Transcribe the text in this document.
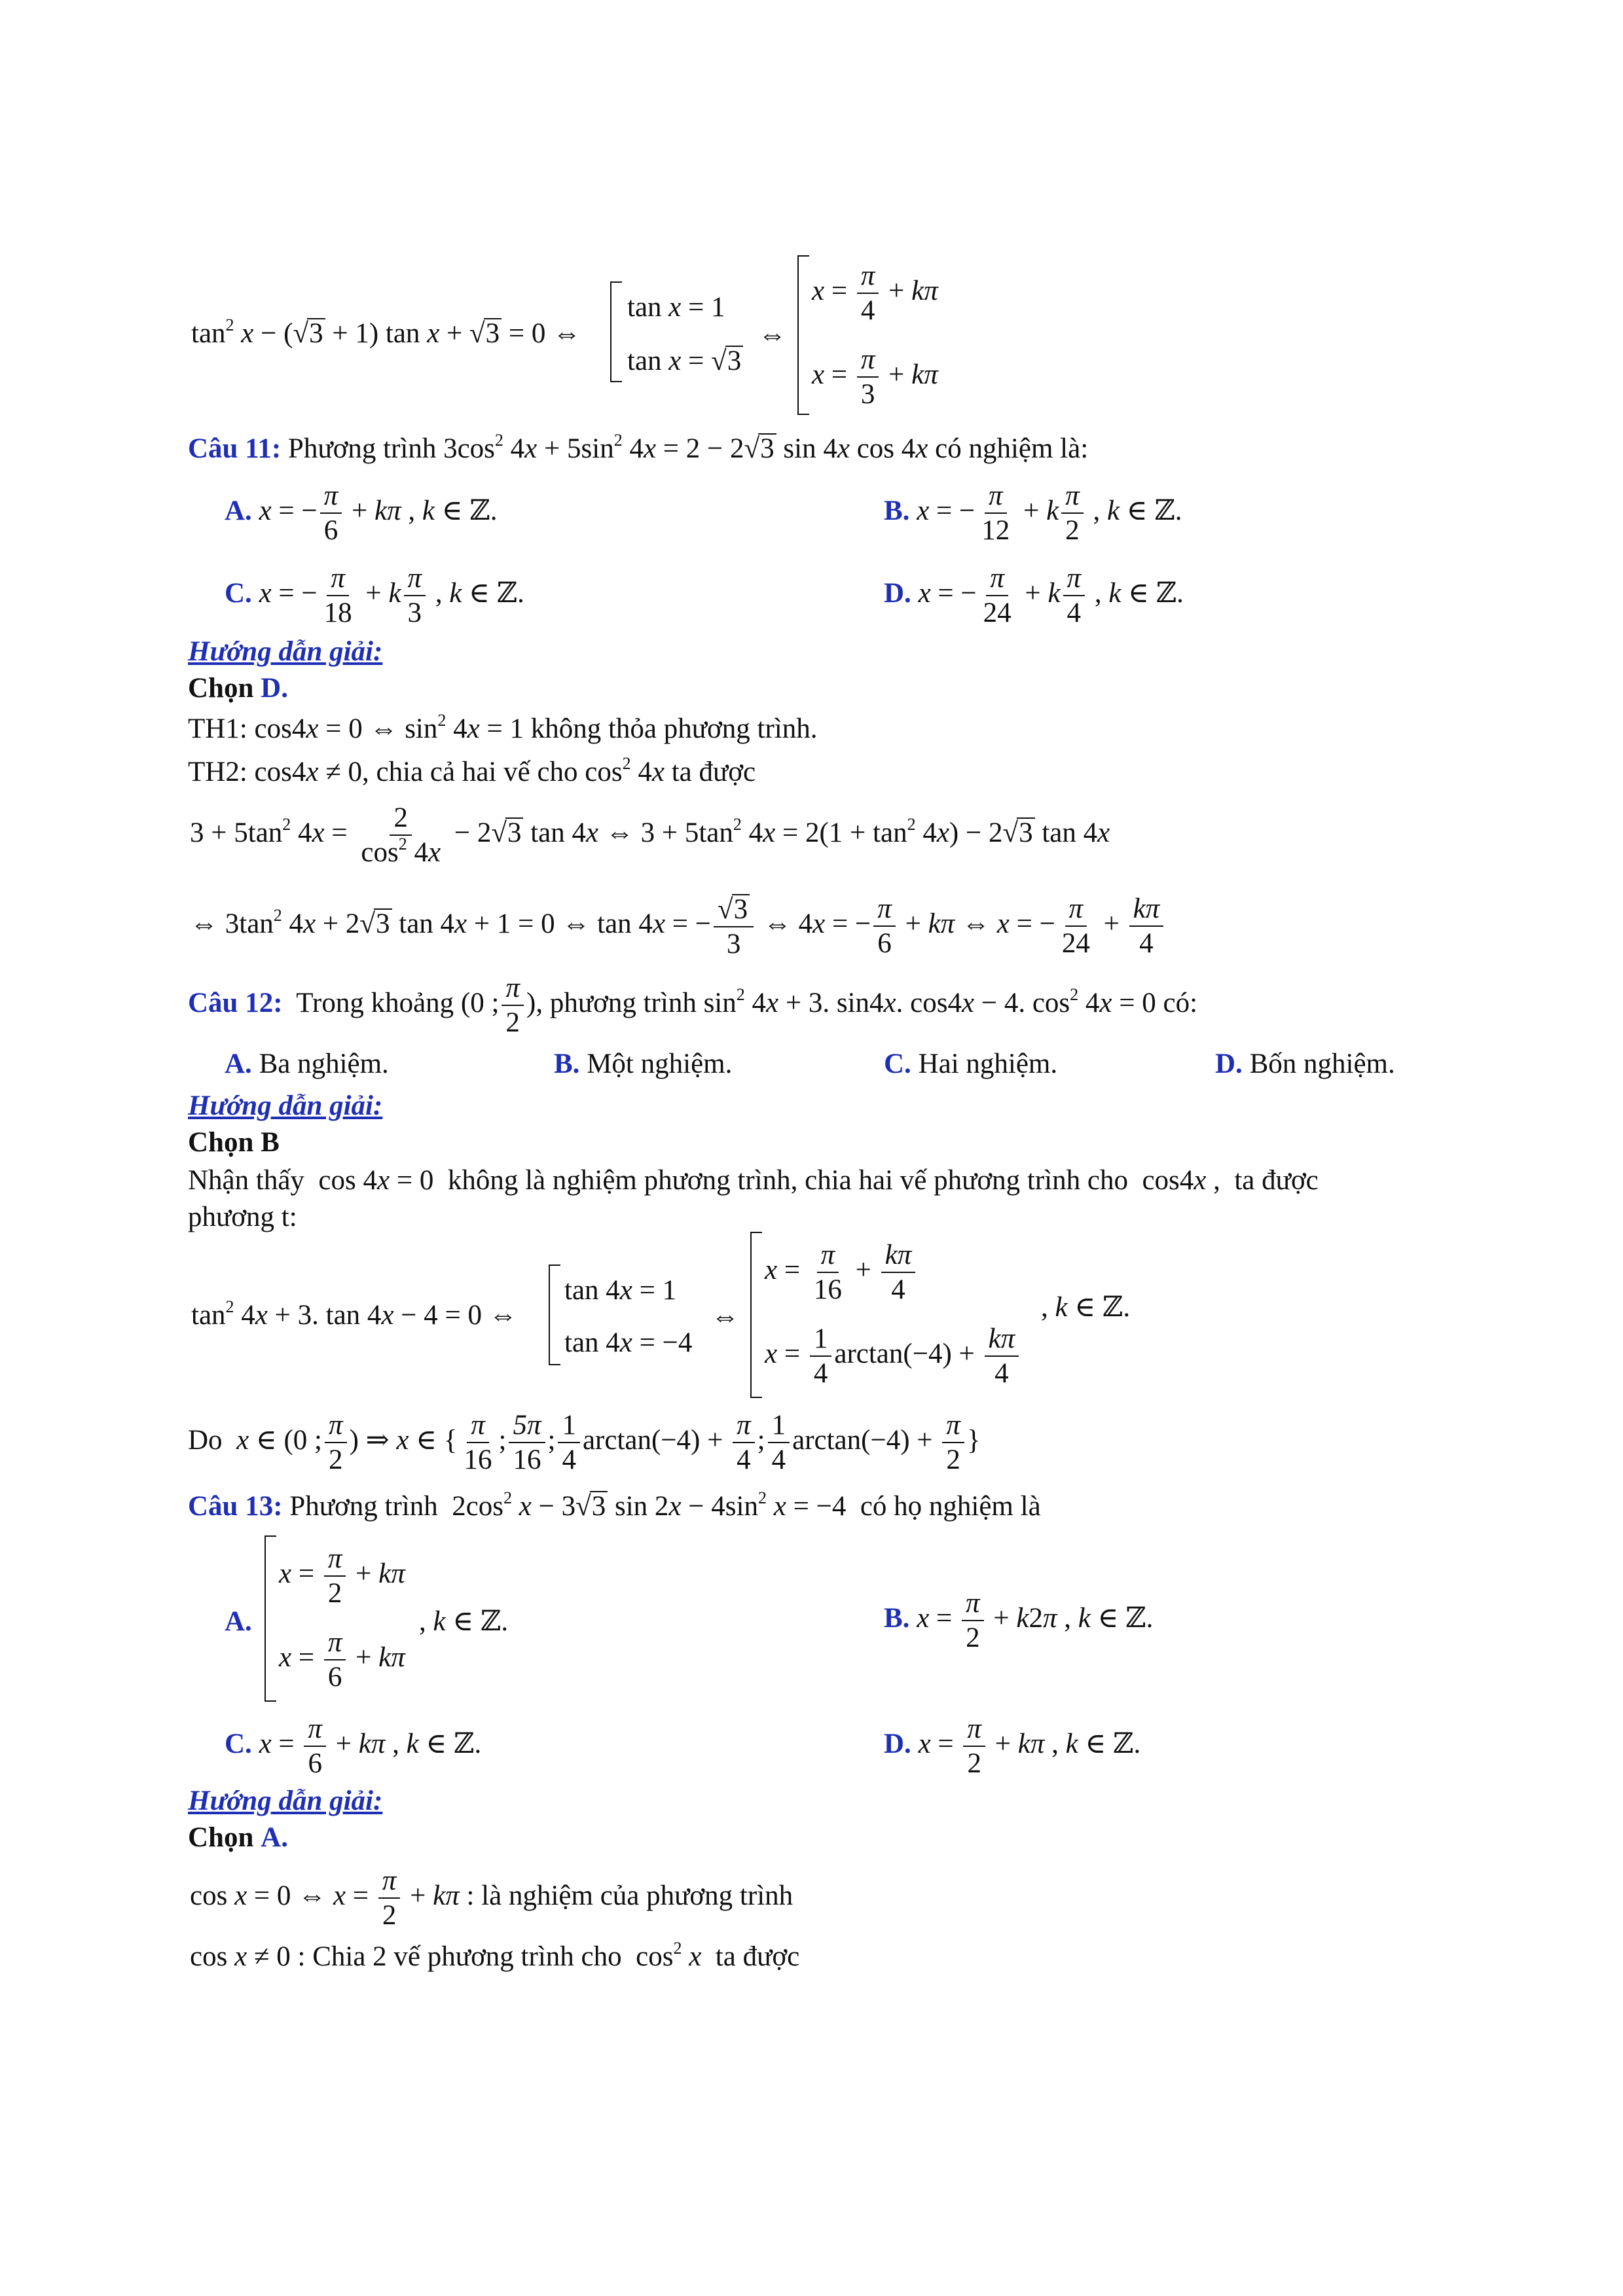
$\tan^2 x - (√3 + 1)$ tan x + √3 = 0 ⇔
tan x = 1
tan x = √3
⇔
$x = \frac{\pi}{4} + k\pi$
$x = \frac{\pi}{3} + k\pi$
Câu 11: Phương trình $3\cos^2$ $4x + 5\sin^2$ 4x = 2 − 2√3 sin 4x cos 4x có nghiệm là:
A. x = − $\frac{\pi}{6} + k\pi$ , k ∈ ℤ.	B. x = − $\frac{\pi}{12} + k \frac{\pi}{2}$ , k ∈ ℤ.
C. x = − $\frac{\pi}{18} + k \frac{\pi}{3}$ , k ∈ ℤ.	D. x = − $\frac{\pi}{24} + k \frac{\pi}{4}$ , k ∈ ℤ.
Hướng dẫn giải:
Chọn D.
TH1: cos4x = 0 ⇔ $\sin^2 4x = 1$ không thỏa phương trình.
TH2: cos4x ≠ 0, chia cả hai vế cho $\cos^2 4x$ ta được
$3 + 5\tan^2$ $4x = \frac{2}{\cos^2 4x} - 2√3$ tan 4x ⇔ $3 + 5\tan^2$ $4x = 2(1 + \tan^2 4x) - 2√3$ tan 4x
⇔ $3\tan^2$ 4x + 2√3 tan 4x + 1 = 0 ⇔ tan 4x = − $\frac{√3}{3}$ ⇔ 4x = − $\frac{\pi}{6} + k\pi$ ⇔ x = − $\frac{\pi}{24} + \frac{k\pi}{4}$
Câu 12:  Trong khoảng (0 ; $\frac{\pi}{2}$ ), phương trình $\sin^2 4x + 3$. sin4x. cos4x − 4. $\cos^2 4x = 0$ có:
A. Ba nghiệm.	B. Một nghiệm.	C. Hai nghiệm.	D. Bốn nghiệm.
Hướng dẫn giải:
Chọn B
Nhận thấy  cos 4x = 0  không là nghiệm phương trình, chia hai vế phương trình cho  cos4x ,  ta được
phương t:
$\tan^2 4x + 3$. tan 4x − 4 = 0 ⇔
tan 4x = 1
tan 4x = −4
⇔
$x = \frac{\pi}{16} + \frac{k\pi}{4}$
$x = \frac{1}{4} \arctan(-4) + \frac{k\pi}{4}$
, k ∈ ℤ.
Do  x ∈ (0 ; $\frac{\pi}{2}$ ) ⇒ x ∈ { $\frac{\pi}{16}$ ; $\frac{5\pi}{16}$ ; $\frac{1}{4} \arctan(-4) + \frac{\pi}{4}$ ; $\frac{1}{4} \arctan(-4) + \frac{\pi}{2}$ }
Câu 13: Phương trình  $2\cos^2$ x − 3√3 $\sin 2x - 4\sin^2$ x = −4  có họ nghiệm là
A.
$x = \frac{\pi}{2} + k\pi$
$x = \frac{\pi}{6} + k\pi$
, k ∈ ℤ.	B. $x = \frac{\pi}{2} + k2\pi$ , k ∈ ℤ.
C. $x = \frac{\pi}{6} + k\pi$ , k ∈ ℤ.	D. $x = \frac{\pi}{2} + k\pi$ , k ∈ ℤ.
Hướng dẫn giải:
Chọn A.
cos x = 0 ⇔ $x = \frac{\pi}{2} + k\pi$ : là nghiệm của phương trình
cos x ≠ 0 : Chia 2 vế phương trình cho  $\cos^2 x$  ta được
